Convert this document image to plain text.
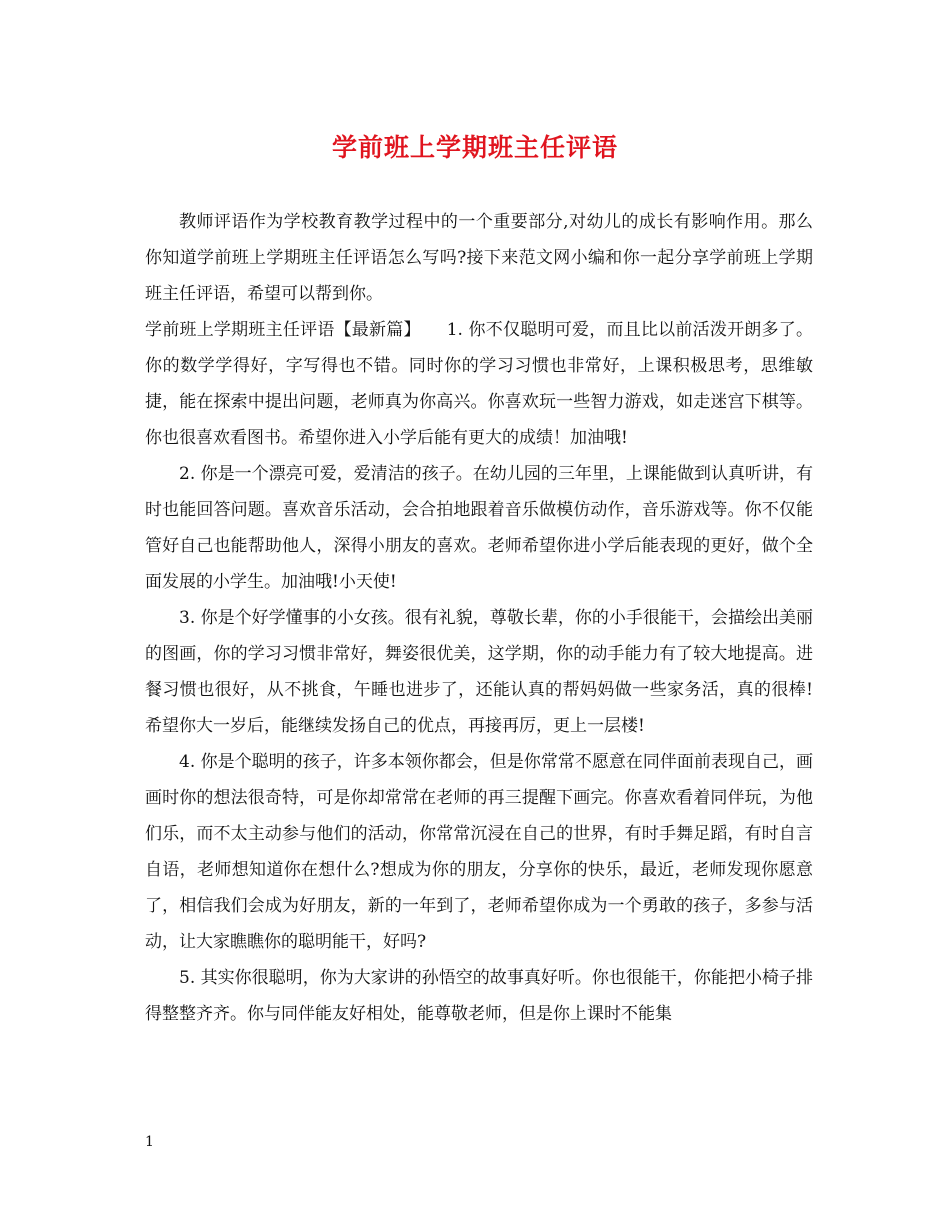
学前班上学期班主任评语

教师评语作为学校教育教学过程中的一个重要部分,对幼儿的成长有影响作用。那么你知道学前班上学期班主任评语怎么写吗?接下来范文网小编和你一起分享学前班上学期班主任评语，希望可以帮到你。

学前班上学期班主任评语【最新篇】　　1. 你不仅聪明可爱，而且比以前活泼开朗多了。你的数学学得好，字写得也不错。同时你的学习习惯也非常好，上课积极思考，思维敏捷，能在探索中提出问题，老师真为你高兴。你喜欢玩一些智力游戏，如走迷宫下棋等。你也很喜欢看图书。希望你进入小学后能有更大的成绩！加油哦!

2. 你是一个漂亮可爱，爱清洁的孩子。在幼儿园的三年里，上课能做到认真听讲，有时也能回答问题。喜欢音乐活动，会合拍地跟着音乐做模仿动作，音乐游戏等。你不仅能管好自己也能帮助他人，深得小朋友的喜欢。老师希望你进小学后能表现的更好，做个全面发展的小学生。加油哦!小天使!

3. 你是个好学懂事的小女孩。很有礼貌，尊敬长辈，你的小手很能干，会描绘出美丽的图画，你的学习习惯非常好，舞姿很优美，这学期，你的动手能力有了较大地提高。进餐习惯也很好，从不挑食，午睡也进步了，还能认真的帮妈妈做一些家务活，真的很棒!希望你大一岁后，能继续发扬自己的优点，再接再厉，更上一层楼!

4. 你是个聪明的孩子，许多本领你都会，但是你常常不愿意在同伴面前表现自己，画画时你的想法很奇特，可是你却常常在老师的再三提醒下画完。你喜欢看着同伴玩，为他们乐，而不太主动参与他们的活动，你常常沉浸在自己的世界，有时手舞足蹈，有时自言自语，老师想知道你在想什么?想成为你的朋友，分享你的快乐，最近，老师发现你愿意了，相信我们会成为好朋友，新的一年到了，老师希望你成为一个勇敢的孩子，多参与活动，让大家瞧瞧你的聪明能干，好吗?

5. 其实你很聪明，你为大家讲的孙悟空的故事真好听。你也很能干，你能把小椅子排得整整齐齐。你与同伴能友好相处，能尊敬老师，但是你上课时不能集

1
